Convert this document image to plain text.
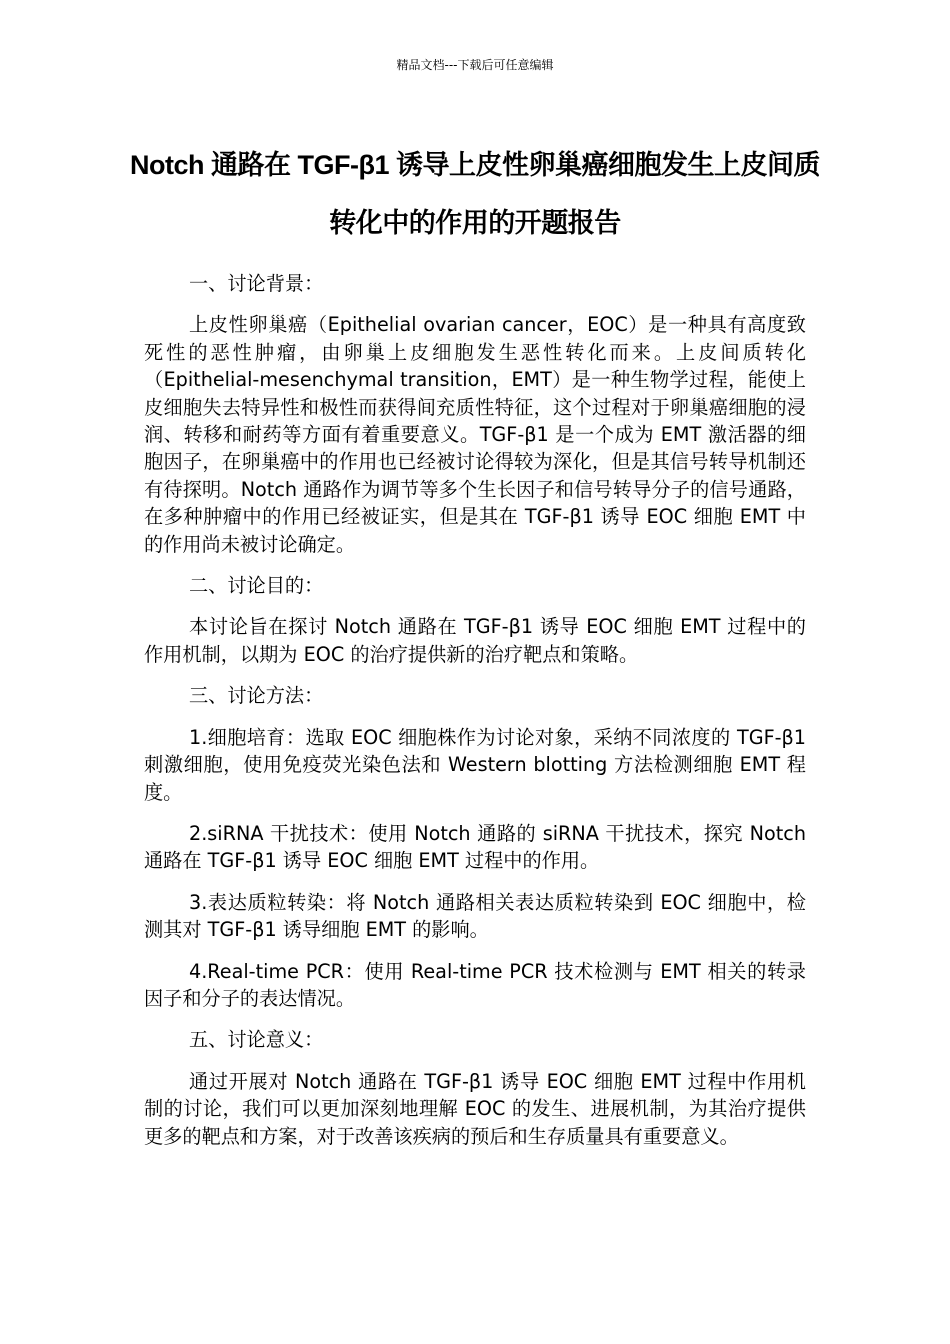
精品文档---下载后可任意编辑
Notch 通路在 TGF-β1 诱导上皮性卵巢癌细胞发生上皮间质转化中的作用的开题报告

一、讨论背景：

上皮性卵巢癌（Epithelial ovarian cancer，EOC）是一种具有高度致死性的恶性肿瘤，由卵巢上皮细胞发生恶性转化而来。上皮间质转化（Epithelial-mesenchymal transition，EMT）是一种生物学过程，能使上皮细胞失去特异性和极性而获得间充质性特征，这个过程对于卵巢癌细胞的浸润、转移和耐药等方面有着重要意义。TGF-β1 是一个成为 EMT 激活器的细胞因子，在卵巢癌中的作用也已经被讨论得较为深化，但是其信号转导机制还有待探明。Notch 通路作为调节等多个生长因子和信号转导分子的信号通路，在多种肿瘤中的作用已经被证实，但是其在 TGF-β1 诱导 EOC 细胞 EMT 中的作用尚未被讨论确定。

二、讨论目的：

本讨论旨在探讨 Notch 通路在 TGF-β1 诱导 EOC 细胞 EMT 过程中的作用机制，以期为 EOC 的治疗提供新的治疗靶点和策略。

三、讨论方法：

1.细胞培育：选取 EOC 细胞株作为讨论对象，采纳不同浓度的 TGF-β1 刺激细胞，使用免疫荧光染色法和 Western blotting 方法检测细胞 EMT 程度。

2.siRNA 干扰技术：使用 Notch 通路的 siRNA 干扰技术，探究 Notch 通路在 TGF-β1 诱导 EOC 细胞 EMT 过程中的作用。

3.表达质粒转染：将 Notch 通路相关表达质粒转染到 EOC 细胞中，检测其对 TGF-β1 诱导细胞 EMT 的影响。

4.Real-time PCR：使用 Real-time PCR 技术检测与 EMT 相关的转录因子和分子的表达情况。

五、讨论意义：

通过开展对 Notch 通路在 TGF-β1 诱导 EOC 细胞 EMT 过程中作用机制的讨论，我们可以更加深刻地理解 EOC 的发生、进展机制，为其治疗提供更多的靶点和方案，对于改善该疾病的预后和生存质量具有重要意义。
